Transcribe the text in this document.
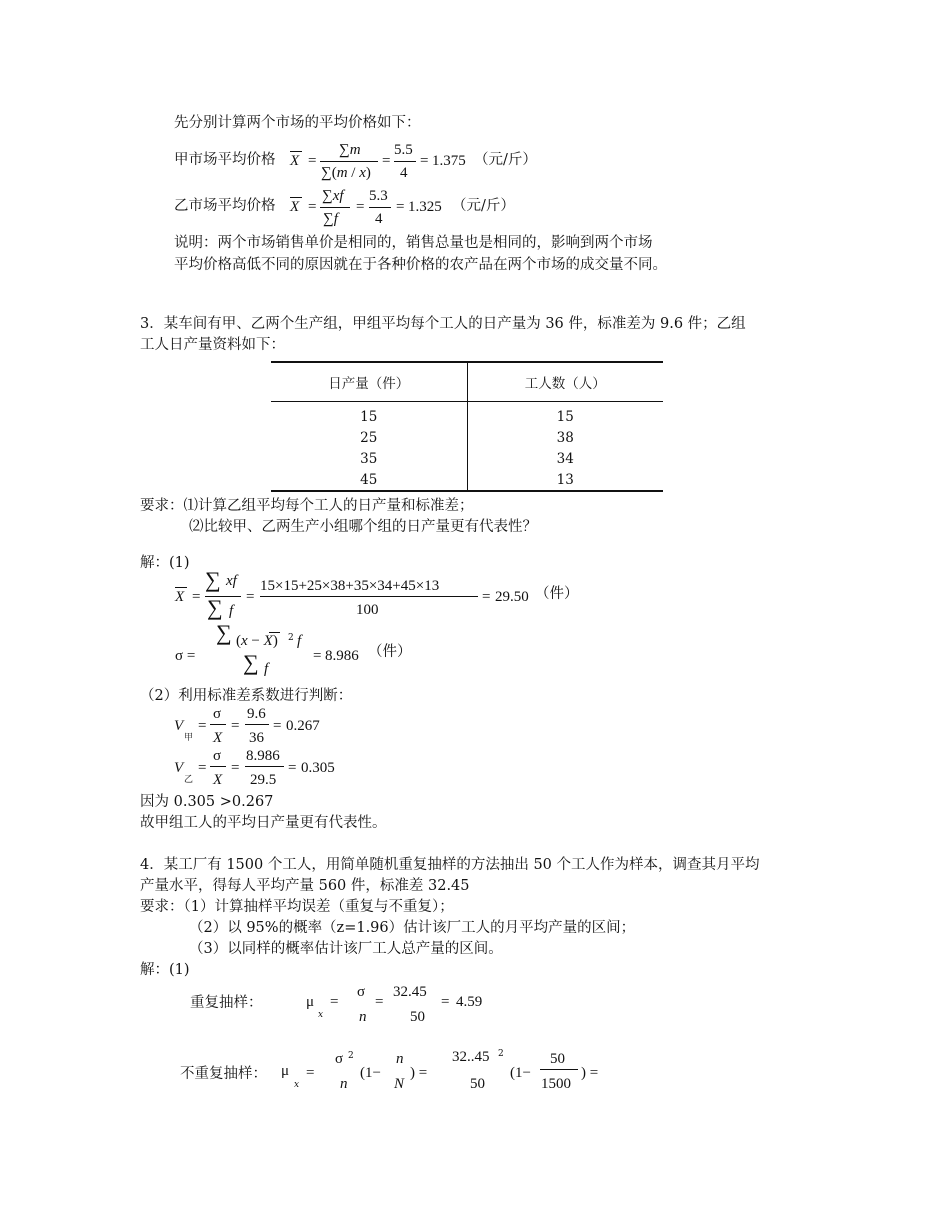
先分别计算两个市场的平均价格如下：
甲市场平均价格 X =
∑m
∑(m / x)
=
5.5
4
= 1.375 （元/斤）
乙市场平均价格 X =
∑xf
∑f
=
5.3
4
= 1.325 （元/斤）
说明：两个市场销售单价是相同的，销售总量也是相同的，影响到两个市场
平均价格高低不同的原因就在于各种价格的农产品在两个市场的成交量不同。
3．某车间有甲、乙两个生产组，甲组平均每个工人的日产量为 36 件，标准差为 9.6 件；乙组
工人日产量资料如下：
日产量（件）	工人数（人）
15	15
25	38
35	34
45	13
要求：⑴计算乙组平均每个工人的日产量和标准差；
⑵比较甲、乙两生产小组哪个组的日产量更有代表性？
解：(1)
X =
∑ xf
∑ f
=
15×15+25×38+35×34+45×13
100
= 29.50 （件）
σ =
∑ (x − X) 2 f
∑ f
= 8.986 （件）
（2）利用标准差系数进行判断：
V
甲
=
σ
X
=
9.6
36
= 0.267
V
乙
=
σ
X
=
8.986
29.5
= 0.305
因为 0.305 >0.267
故甲组工人的平均日产量更有代表性。
4．某工厂有 1500 个工人，用简单随机重复抽样的方法抽出 50 个工人作为样本，调查其月平均
产量水平，得每人平均产量 560 件，标准差 32.45
要求：（1）计算抽样平均误差（重复与不重复）；
（2）以 95%的概率（z=1.96）估计该厂工人的月平均产量的区间；
（3）以同样的概率估计该厂工人总产量的区间。
解：(1)
重复抽样：	μ
x
=
σ
n
=
32.45
50
= 4.59
不重复抽样： μ
x
=
σ 2
n
(1−
n
N
) =
32..45 2
50
(1−
50
1500
) =
